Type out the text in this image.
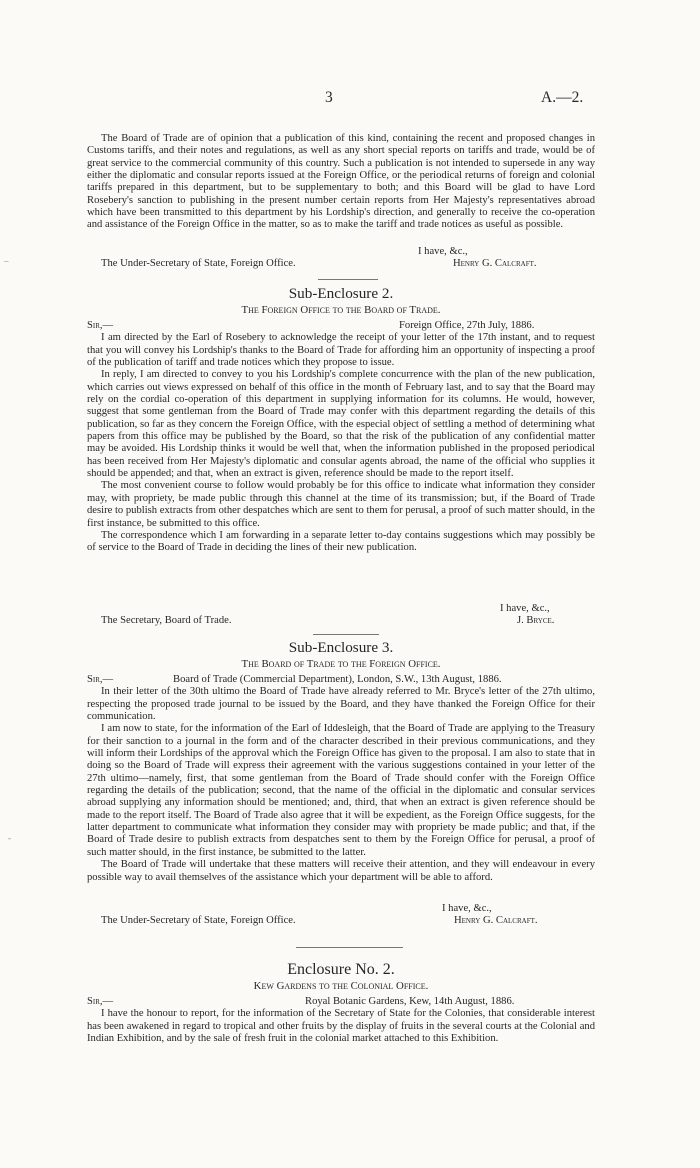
3	A.—2.
–
-

The Board of Trade are of opinion that a publication of this kind, containing the recent and proposed changes in Customs tariffs, and their notes and regulations, as well as any short special reports on tariffs and trade, would be of great service to the commercial community of this country. Such a publication is not intended to supersede in any way either the diplomatic and consular reports issued at the Foreign Office, or the periodical returns of foreign and colonial tariffs prepared in this department, but to be supplementary to both; and this Board will be glad to have Lord Rosebery's sanction to publishing in the present number certain reports from Her Majesty's representatives abroad which have been transmitted to this department by his Lordship's direction, and generally to receive the co-operation and assistance of the Foreign Office in the matter, so as to make the tariff and trade notices as useful as possible.

I have, &c.,
The Under-Secretary of State, Foreign Office.	Henry G. Calcraft.
Sub-Enclosure 2.
The Foreign Office to the Board of Trade.
Sir,—	Foreign Office, 27th July, 1886.

I am directed by the Earl of Rosebery to acknowledge the receipt of your letter of the 17th instant, and to request that you will convey his Lordship's thanks to the Board of Trade for affording him an opportunity of inspecting a proof of the publication of tariff and trade notices which they propose to issue.

In reply, I am directed to convey to you his Lordship's complete concurrence with the plan of the new publication, which carries out views expressed on behalf of this office in the month of February last, and to say that the Board may rely on the cordial co-operation of this department in supplying information for its columns. He would, however, suggest that some gentleman from the Board of Trade may confer with this department regarding the details of this publication, so far as they concern the Foreign Office, with the especial object of settling a method of determining what papers from this office may be published by the Board, so that the risk of the publication of any confidential matter may be avoided. His Lordship thinks it would be well that, when the information published in the proposed periodical has been received from Her Majesty's diplomatic and consular agents abroad, the name of the official who supplies it should be appended; and that, when an extract is given, reference should be made to the report itself.

The most convenient course to follow would probably be for this office to indicate what information they consider may, with propriety, be made public through this channel at the time of its transmission; but, if the Board of Trade desire to publish extracts from other despatches which are sent to them for perusal, a proof of such matter should, in the first instance, be submitted to this office.

The correspondence which I am forwarding in a separate letter to-day contains suggestions which may possibly be of service to the Board of Trade in deciding the lines of their new publication.

I have, &c.,
The Secretary, Board of Trade.	J. Bryce.
Sub-Enclosure 3.
The Board of Trade to the Foreign Office.
Sir,—	Board of Trade (Commercial Department), London, S.W., 13th August, 1886.

In their letter of the 30th ultimo the Board of Trade have already referred to Mr. Bryce's letter of the 27th ultimo, respecting the proposed trade journal to be issued by the Board, and they have thanked the Foreign Office for their communication.

I am now to state, for the information of the Earl of Iddesleigh, that the Board of Trade are applying to the Treasury for their sanction to a journal in the form and of the character described in their previous communications, and they will inform their Lordships of the approval which the Foreign Office has given to the proposal. I am also to state that in doing so the Board of Trade will express their agreement with the various suggestions contained in your letter of the 27th ultimo—namely, first, that some gentleman from the Board of Trade should confer with the Foreign Office regarding the details of the publication; second, that the name of the official in the diplomatic and consular services abroad supplying any information should be mentioned; and, third, that when an extract is given reference should be made to the report itself. The Board of Trade also agree that it will be expedient, as the Foreign Office suggests, for the latter department to communicate what information they consider may with propriety be made public; and that, if the Board of Trade desire to publish extracts from despatches sent to them by the Foreign Office for perusal, a proof of such matter should, in the first instance, be submitted to the latter.

The Board of Trade will undertake that these matters will receive their attention, and they will endeavour in every possible way to avail themselves of the assistance which your department will be able to afford.

I have, &c.,
The Under-Secretary of State, Foreign Office.	Henry G. Calcraft.
Enclosure No. 2.
Kew Gardens to the Colonial Office.
Sir,—	Royal Botanic Gardens, Kew, 14th August, 1886.

I have the honour to report, for the information of the Secretary of State for the Colonies, that considerable interest has been awakened in regard to tropical and other fruits by the display of fruits in the several courts at the Colonial and Indian Exhibition, and by the sale of fresh fruit in the colonial market attached to this Exhibition.
